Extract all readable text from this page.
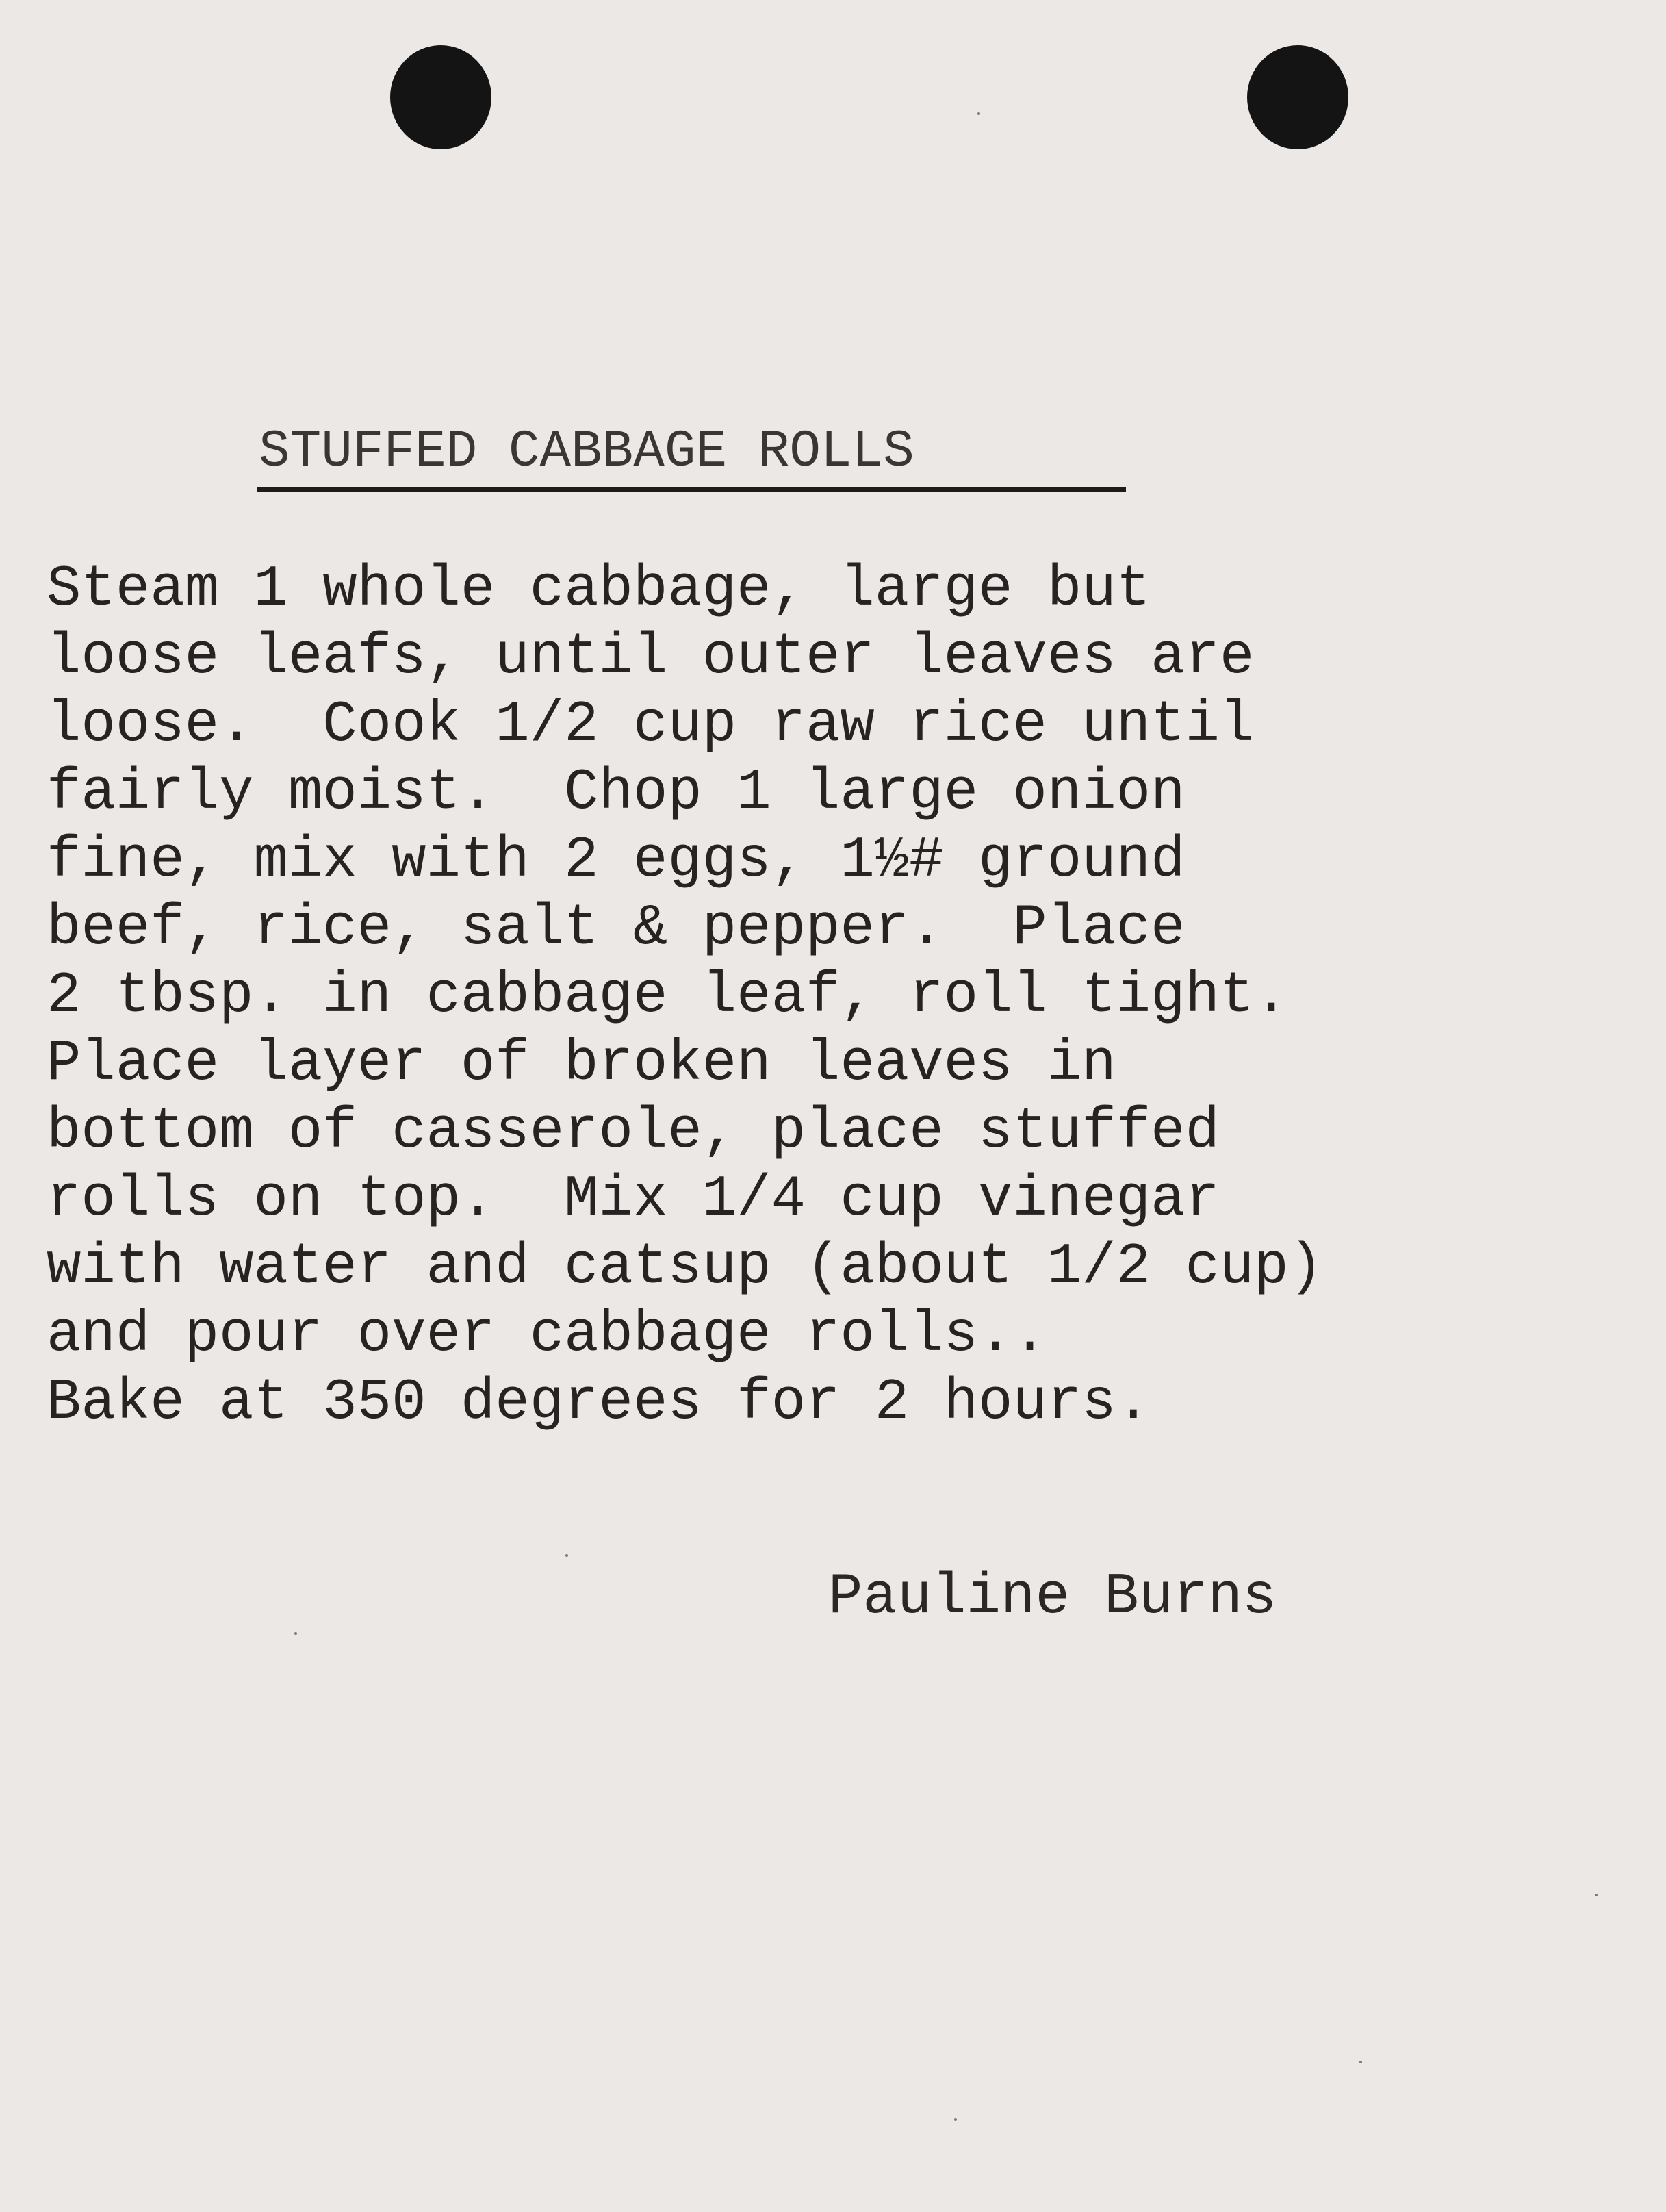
STUFFED CABBAGE ROLLS
Steam 1 whole cabbage, large but
loose leafs, until outer leaves are
loose.  Cook 1/2 cup raw rice until
fairly moist.  Chop 1 large onion
fine, mix with 2 eggs, 1½# ground
beef, rice, salt & pepper.  Place
2 tbsp. in cabbage leaf, roll tight.
Place layer of broken leaves in
bottom of casserole, place stuffed
rolls on top.  Mix 1/4 cup vinegar
with water and catsup (about 1/2 cup)
and pour over cabbage rolls..
Bake at 350 degrees for 2 hours.
Pauline Burns
